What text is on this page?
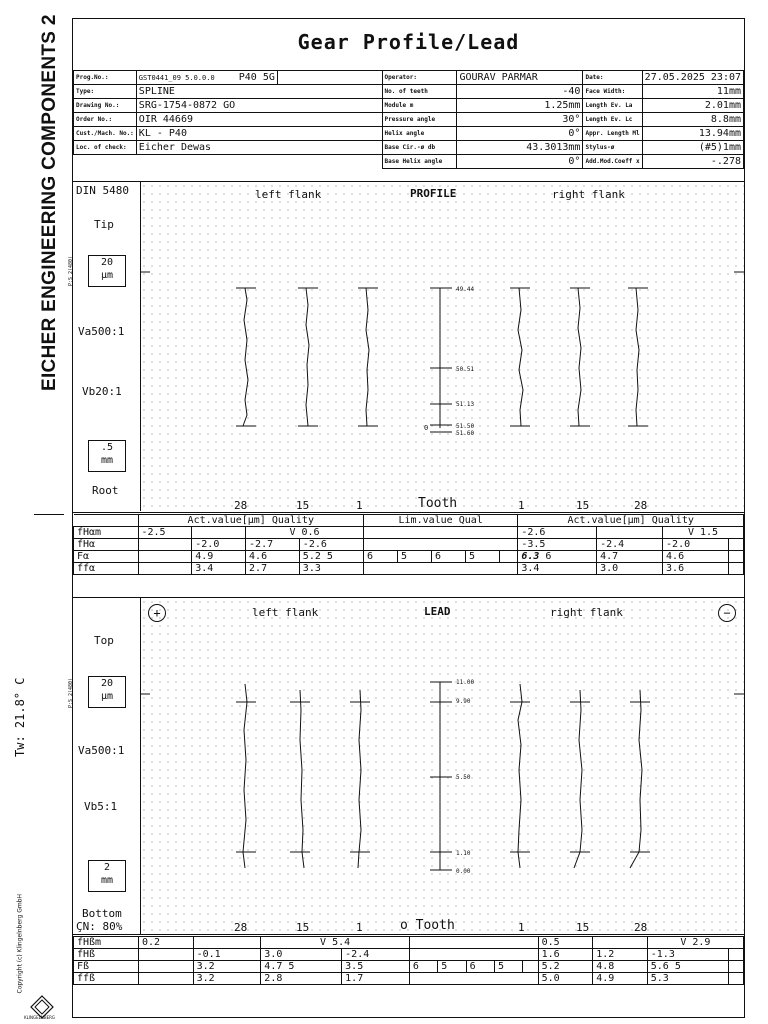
EICHER ENGINEERING COMPONENTS 2
Tw: 21.8° C
Copyright (c) Klingelnberg GmbH
KLINGELNBERG
Gear Profile/Lead
Prog.No.:	GST0441_09 5.0.0.0 P40 5G		Operator:	GOURAV PARMAR	Date:	27.05.2025 23:07
Type:	SPLINE		No. of teeth	-40	Face Width:	11mm
Drawing No.:	SRG-1754-0872 GO		Module m	1.25mm	Length Ev. La	2.01mm
Order No.:	OIR 44669		Pressure angle	30°	Length Ev. Lc	8.8mm
Cust./Mach. No.:	KL - P40		Helix angle	0°	Appr. Length Ml	13.94mm
Loc. of check:	Eicher Dewas		Base Cir.-ø db	43.3013mm	Stylus-ø	(#5)1mm
			Base Helix angle	0°	Add.Mod.Coeff x	-.278
DIN 5480	left flank	PROFILE	right flank
Tip
Root
20
µm
.5
mm
P:S 2(480)
Va500:1
Vb20:1
28	15	1	Tooth	1	15	28
49.44
50.51
51.13
51.50
51.60
0
	Act.value[µm] Quality				Lim.value Qual					Act.value[µm] Quality			
fHαm	-2.5		V 0.6							-2.6		V 1.5	
fHα		-2.0	-2.7	-2.6						-3.5	-2.4	-2.0	
Fα		4.9	4.6	5.2 5	6	5	6	5		6.3 6	4.7	4.6	
ffα		3.4	2.7	3.3						3.4	3.0	3.6	
+	−
left flank	LEAD	right flank
Top
20
µm
P:S 2(480)
Va500:1
Vb5:1
2
mm
Bottom
ÇN: 80%	28	15	1	o Tooth	1	15	28
11.00
9.90
5.50
1.10
0.00
fHßm	0.2		V 5.4							0.5		V 2.9	
fHß		-0.1	3.0	-2.4						1.6	1.2	-1.3	
Fß		3.2	4.7 5	3.5	6	5	6	5		5.2	4.8	5.6 5	
ffß		3.2	2.8	1.7						5.0	4.9	5.3	
